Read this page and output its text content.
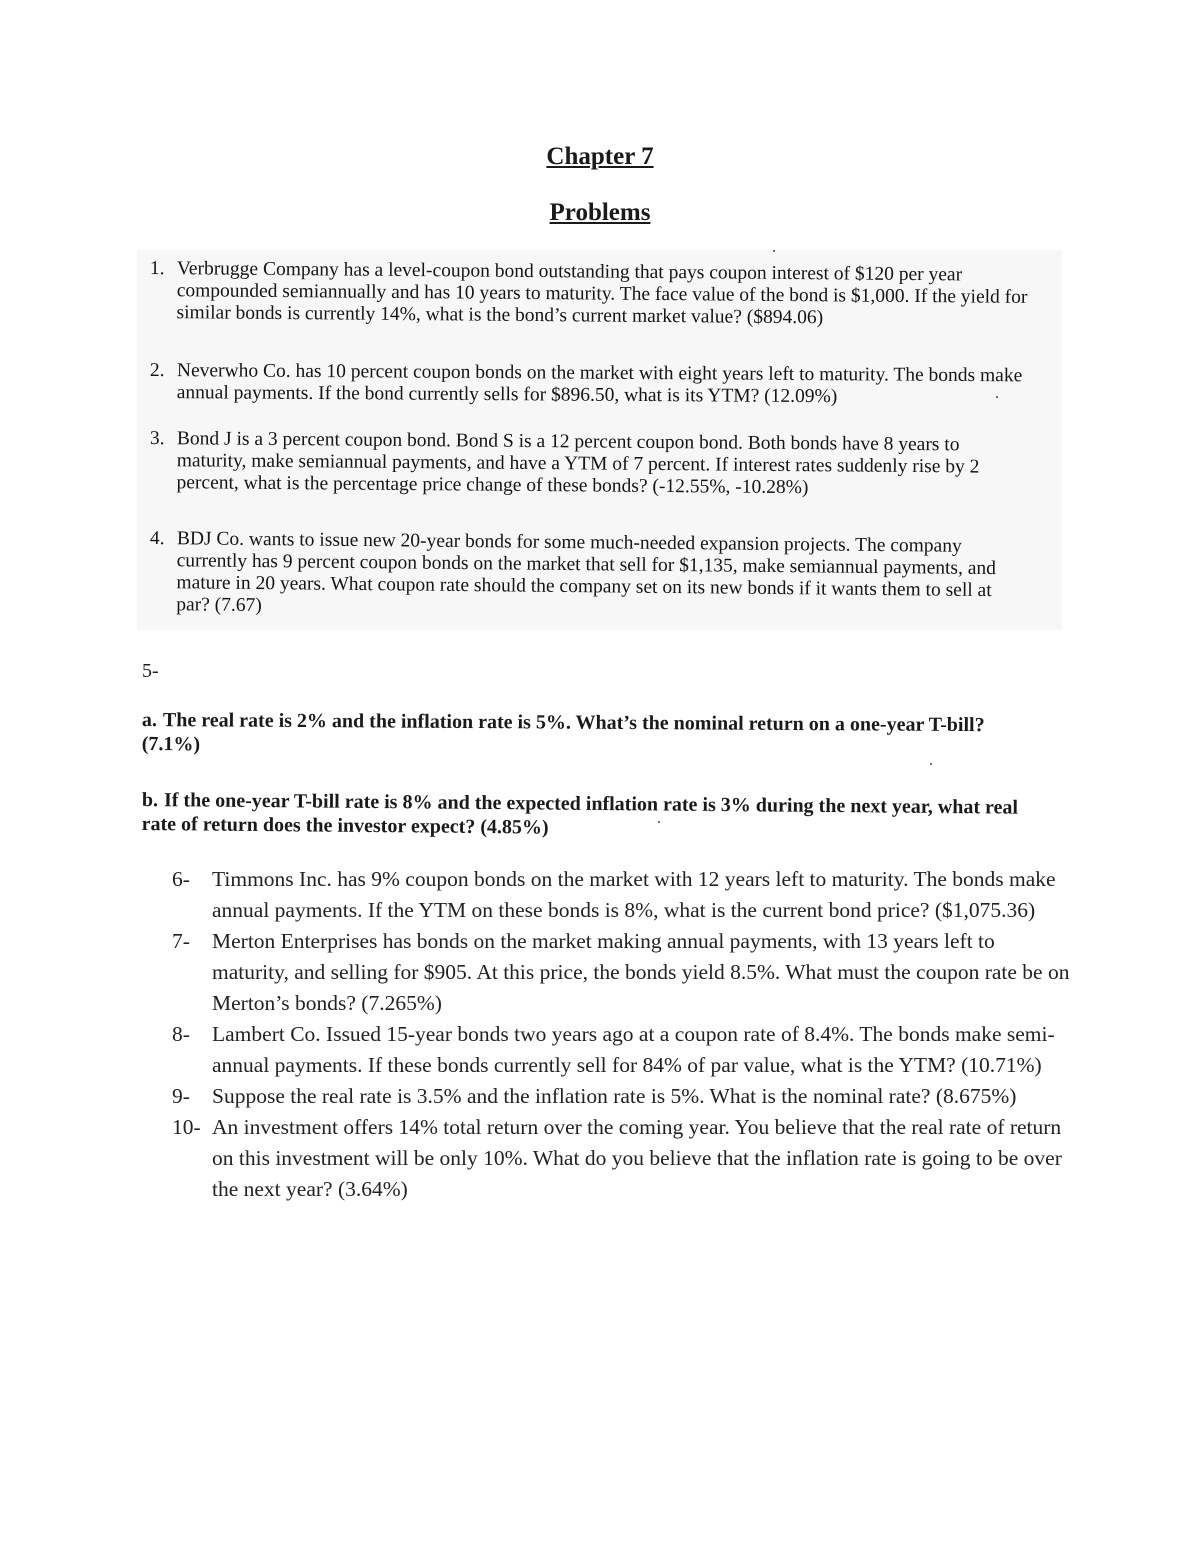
Chapter 7
Problems
1. Verbrugge Company has a level-coupon bond outstanding that pays coupon interest of $120 per year compounded semiannually and has 10 years to maturity. The face value of the bond is $1,000. If the yield for similar bonds is currently 14%, what is the bond’s current market value? ($894.06)
2. Neverwho Co. has 10 percent coupon bonds on the market with eight years left to maturity. The bonds make annual payments. If the bond currently sells for $896.50, what is its YTM? (12.09%)
3. Bond J is a 3 percent coupon bond. Bond S is a 12 percent coupon bond. Both bonds have 8 years to maturity, make semiannual payments, and have a YTM of 7 percent. If interest rates suddenly rise by 2 percent, what is the percentage price change of these bonds? (-12.55%, -10.28%)
4. BDJ Co. wants to issue new 20-year bonds for some much-needed expansion projects. The company currently has 9 percent coupon bonds on the market that sell for $1,135, make semiannual payments, and mature in 20 years. What coupon rate should the company set on its new bonds if it wants them to sell at par? (7.67)
5-
a. The real rate is 2% and the inflation rate is 5%. What’s the nominal return on a one-year T-bill? (7.1%)
b. If the one-year T-bill rate is 8% and the expected inflation rate is 3% during the next year, what real rate of return does the investor expect? (4.85%)
6- Timmons Inc. has 9% coupon bonds on the market with 12 years left to maturity. The bonds make annual payments. If the YTM on these bonds is 8%, what is the current bond price? ($1,075.36)
7- Merton Enterprises has bonds on the market making annual payments, with 13 years left to maturity, and selling for $905. At this price, the bonds yield 8.5%. What must the coupon rate be on Merton’s bonds? (7.265%)
8- Lambert Co. Issued 15-year bonds two years ago at a coupon rate of 8.4%. The bonds make semi-annual payments. If these bonds currently sell for 84% of par value, what is the YTM? (10.71%)
9- Suppose the real rate is 3.5% and the inflation rate is 5%. What is the nominal rate? (8.675%)
10- An investment offers 14% total return over the coming year. You believe that the real rate of return on this investment will be only 10%. What do you believe that the inflation rate is going to be over the next year? (3.64%)
